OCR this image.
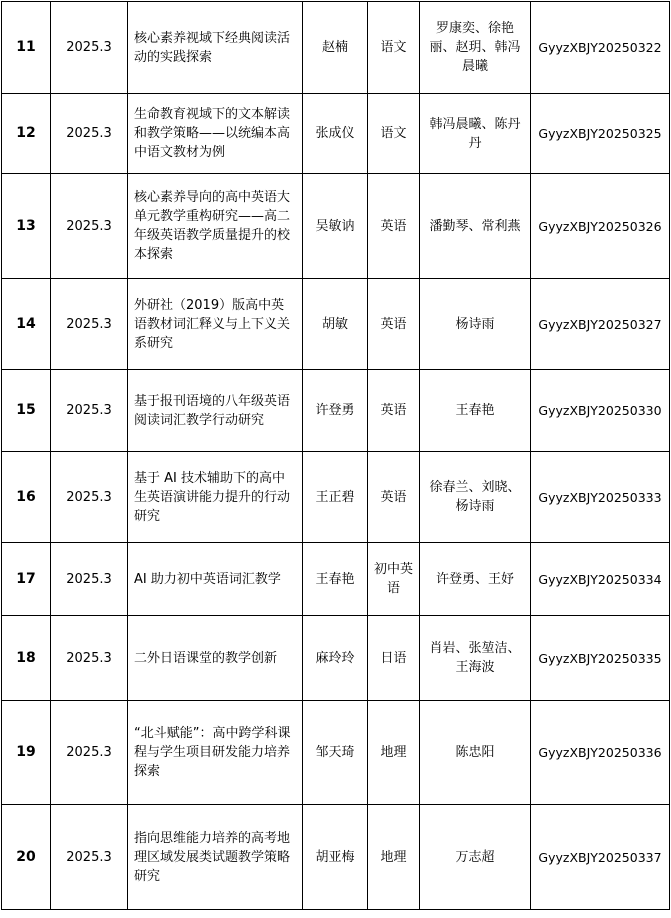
11	2025.3	核心素养视域下经典阅读活动的实践探索	赵楠	语文	罗康奕、徐艳丽、赵玥、韩冯晨曦	GyyzXBJY20250322
12	2025.3	生命教育视域下的文本解读和教学策略——以统编本高中语文教材为例	张成仪	语文	韩冯晨曦、陈丹丹	GyyzXBJY20250325
13	2025.3	核心素养导向的高中英语大单元教学重构研究——高二年级英语教学质量提升的校本探索	吴敏讷	英语	潘勤琴、常利燕	GyyzXBJY20250326
14	2025.3	外研社（2019）版高中英语教材词汇释义与上下义关系研究	胡敏	英语	杨诗雨	GyyzXBJY20250327
15	2025.3	基于报刊语境的八年级英语阅读词汇教学行动研究	许登勇	英语	王春艳	GyyzXBJY20250330
16	2025.3	基于 AI 技术辅助下的高中生英语演讲能力提升的行动研究	王正碧	英语	徐春兰、刘晓、杨诗雨	GyyzXBJY20250333
17	2025.3	AI 助力初中英语词汇教学	王春艳	初中英语	许登勇、王妤	GyyzXBJY20250334
18	2025.3	二外日语课堂的教学创新	麻玲玲	日语	肖岩、张堃洁、王海波	GyyzXBJY20250335
19	2025.3	“北斗赋能”：高中跨学科课程与学生项目研发能力培养探索	邹天琦	地理	陈忠阳	GyyzXBJY20250336
20	2025.3	指向思维能力培养的高考地理区域发展类试题教学策略研究	胡亚梅	地理	万志超	GyyzXBJY20250337
